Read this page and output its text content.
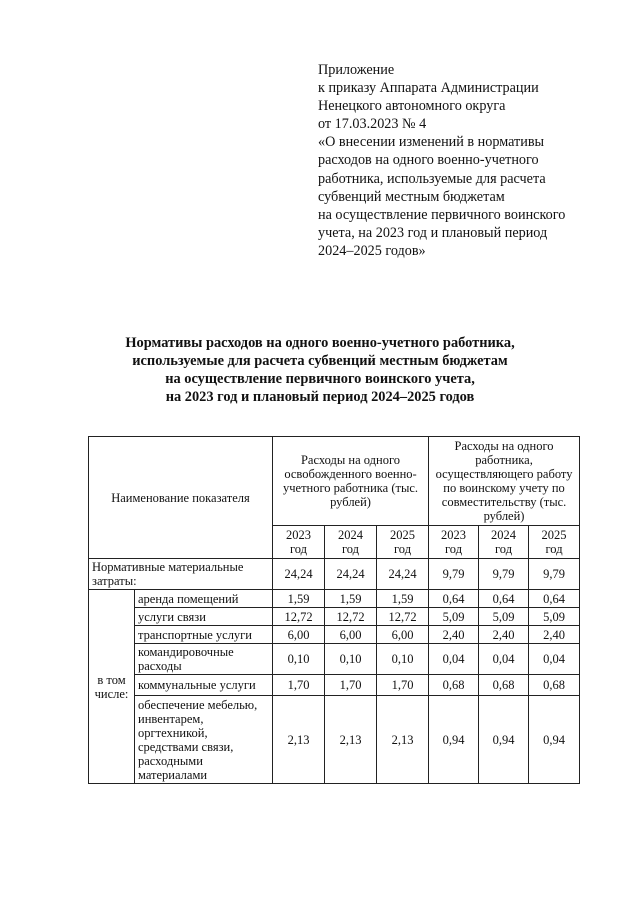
Приложение
к приказу Аппарата Администрации
Ненецкого автономного округа
от 17.03.2023 № 4
«О внесении изменений в нормативы
расходов на одного военно-учетного
работника, используемые для расчета
субвенций местным бюджетам
на осуществление первичного воинского
учета, на 2023 год и плановый период
2024–2025 годов»
Нормативы расходов на одного военно-учетного работника,
используемые для расчета субвенций местным бюджетам
на осуществление первичного воинского учета,
на 2023 год и плановый период 2024–2025 годов
Наименование показателя		Расходы на одного освобожденного военно-учетного работника (тыс. рублей)			Расходы на одного работника, осуществляющего работу по воинскому учету по совместительству (тыс. рублей)		
		2023 год	2024 год	2025 год	2023 год	2024 год	2025 год
Нормативные материальные затраты:		24,24	24,24	24,24	9,79	9,79	9,79
в том числе:	аренда помещений	1,59	1,59	1,59	0,64	0,64	0,64
	услуги связи	12,72	12,72	12,72	5,09	5,09	5,09
	транспортные услуги	6,00	6,00	6,00	2,40	2,40	2,40
	командировочные расходы	0,10	0,10	0,10	0,04	0,04	0,04
	коммунальные услуги	1,70	1,70	1,70	0,68	0,68	0,68
	обеспечение мебелью, инвентарем, оргтехникой, средствами связи, расходными материалами	2,13	2,13	2,13	0,94	0,94	0,94
